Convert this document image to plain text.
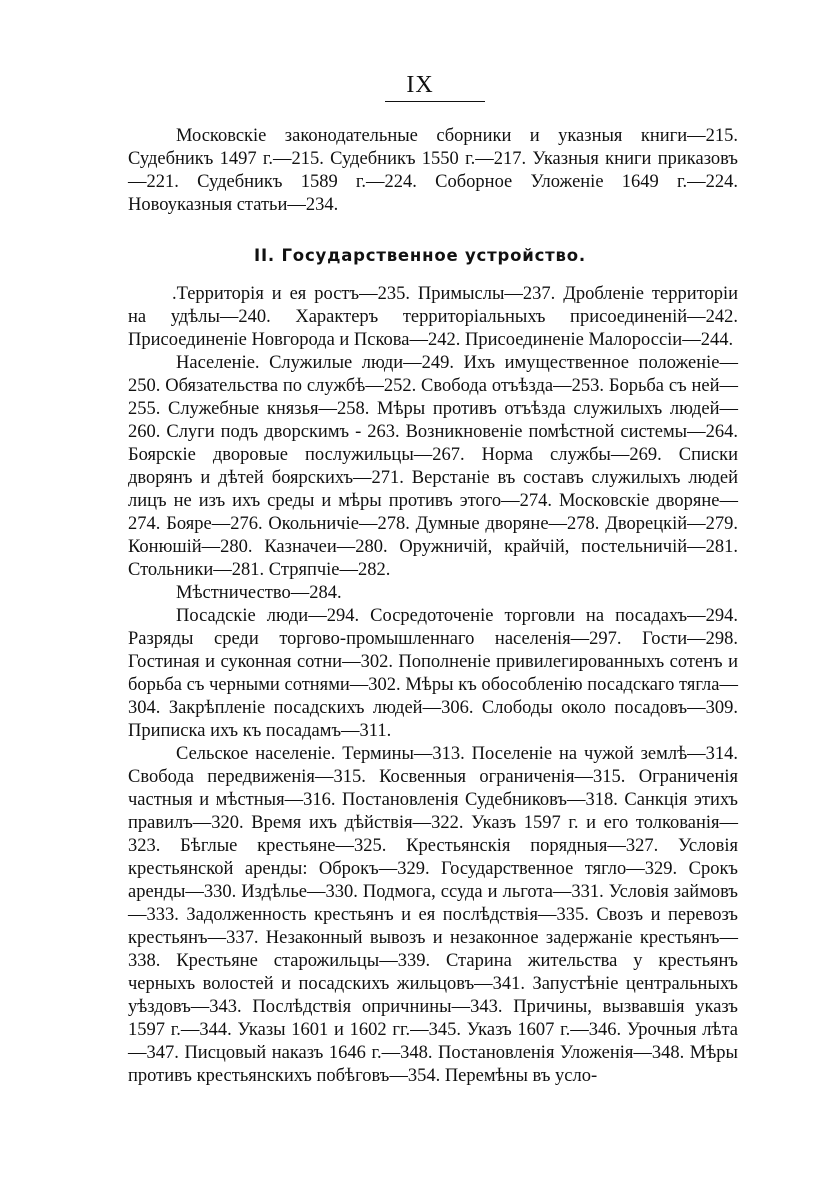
IX
Московскіе законодательные сборники и указныя книги—215. Судебникъ 1497 г.—215. Судебникъ 1550 г.—217. Указныя книги приказовъ—221. Судебникъ 1589 г.—224. Соборное Уложеніе 1649 г.—224. Новоуказныя статьи—234.
II. Государственное устройство.

.Территорія и ея ростъ—235. Примыслы—237. Дробленіе территоріи на удѣлы—240. Характеръ территоріальныхъ присоединеній—242. Присоединеніе Новгорода и Пскова—242. Присоединеніе Малороссіи—244.

Населеніе. Служилые люди—249. Ихъ имущественное положеніе—250. Обязательства по службѣ—252. Свобода отъѣзда—253. Борьба съ ней—255. Служебные князья—258. Мѣры противъ отъѣзда служилыхъ людей—260. Слуги подъ дворскимъ - 263. Возникновеніе помѣстной системы—264. Боярскіе дворовые послужильцы—267. Норма службы—269. Списки дворянъ и дѣтей боярскихъ—271. Верстаніе въ составъ служилыхъ людей лицъ не изъ ихъ среды и мѣры противъ этого—274. Московскіе дворяне—274. Бояре—276. Окольничіе—278. Думные дворяне—278. Дворецкій—279. Конюшій—280. Казначеи—280. Оружничій, крайчій, постельничій—281. Стольники—281. Стряпчіе—282.

Мѣстничество—284.

Посадскіе люди—294. Сосредоточеніе торговли на посадахъ—294. Разряды среди торгово-промышленнаго населенія—297. Гости—298. Гостиная и суконная сотни—302. Пополненіе привилегированныхъ сотенъ и борьба съ черными сотнями—302. Мѣры къ обособленію посадскаго тягла—304. Закрѣпленіе посадскихъ людей—306. Слободы около посадовъ—309. Приписка ихъ къ посадамъ—311.

Сельское населеніе. Термины—313. Поселеніе на чужой землѣ—314. Свобода передвиженія—315. Косвенныя ограниченія—315. Ограниченія частныя и мѣстныя—316. Постановленія Судебниковъ—318. Санкція этихъ правилъ—320. Время ихъ дѣйствія—322. Указъ 1597 г. и его толкованія—323. Бѣглые крестьяне—325. Крестьянскія порядныя—327. Условія крестьянской аренды: Оброкъ—329. Государственное тягло—329. Срокъ аренды—330. Издѣлье—330. Подмога, ссуда и льгота—331. Условія займовъ—333. Задолженность крестьянъ и ея послѣдствія—335. Свозъ и перевозъ крестьянъ—337. Незаконный вывозъ и незаконное задержаніе крестьянъ—338. Крестьяне старожильцы—339. Старина жительства у крестьянъ черныхъ волостей и посадскихъ жильцовъ—341. Запустѣніе центральныхъ уѣздовъ—343. Послѣдствія опричнины—343. Причины, вызвавшія указъ 1597 г.—344. Указы 1601 и 1602 гг.—345. Указъ 1607 г.—346. Урочныя лѣта—347. Писцовый наказъ 1646 г.—348. Постановленія Уложенія—348. Мѣры противъ крестьянскихъ побѣговъ—354. Перемѣны въ усло-
